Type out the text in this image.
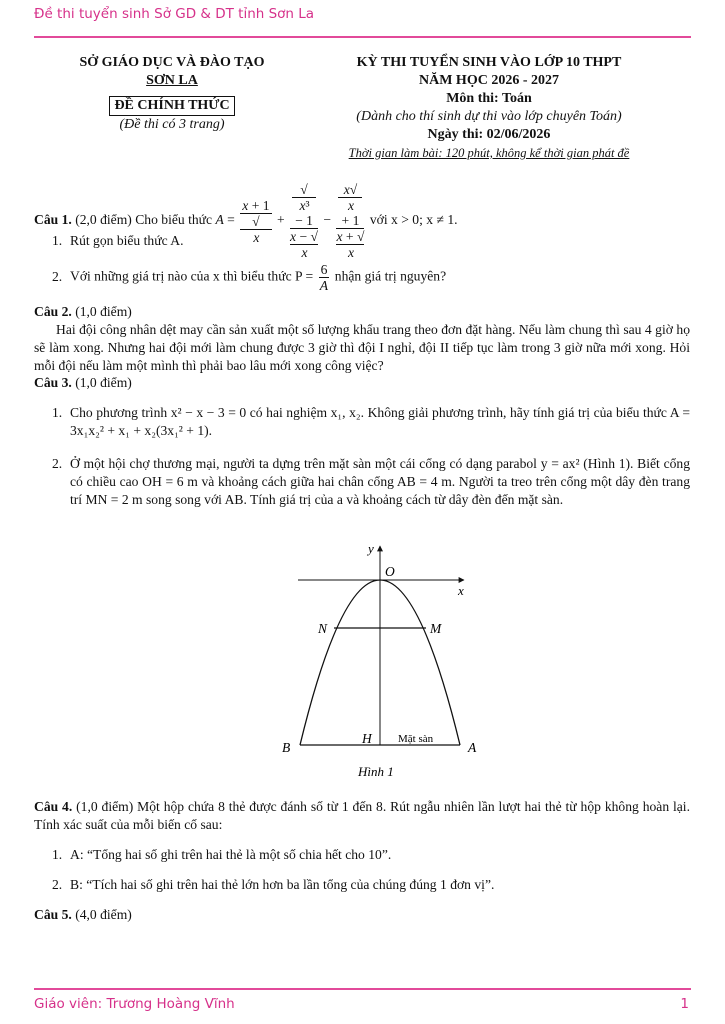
Đề thi tuyển sinh Sở GD & DT tỉnh Sơn La
SỞ GIÁO DỤC VÀ ĐÀO TẠO
SƠN LA
ĐỀ CHÍNH THỨC
(Đề thi có 3 trang)
KỲ THI TUYỂN SINH VÀO LỚP 10 THPT
NĂM HỌC 2026 - 2027
Môn thi: Toán
(Dành cho thí sinh dự thi vào lớp chuyên Toán)
Ngày thi: 02/06/2026
Thời gian làm bài: 120 phút, không kể thời gian phát đề
Câu 1. (2,0 điểm) Cho biểu thức A = x + 1
√
x + √
x³
− 1
x − √
x − x√
x
+ 1
x + √
x với x > 0; x ≠ 1.
1. Rút gọn biểu thức A.
2. Với những giá trị nào của x thì biểu thức $P = \frac{6}{A}$ nhận giá trị nguyên?
Câu 2. (1,0 điểm)
Hai đội công nhân dệt may cần sản xuất một số lượng khẩu trang theo đơn đặt hàng. Nếu làm chung thì sau 4 giờ họ sẽ làm xong. Nhưng hai đội mới làm chung được 3 giờ thì đội I nghỉ, đội II tiếp tục làm trong 3 giờ nữa mới xong. Hỏi mỗi đội nếu làm một mình thì phải bao lâu mới xong công việc?
Câu 3. (1,0 điểm)
1. Cho phương trình x² − x − 3 = 0 có hai nghiệm x₁, x₂. Không giải phương trình, hãy tính giá trị của biểu thức A = 3x₁x₂² + x₁ + x₂(3x₁² + 1).
2. Ở một hội chợ thương mại, người ta dựng trên mặt sàn một cái cổng có dạng parabol y = ax² (Hình 1). Biết cổng có chiều cao OH = 6 m và khoảng cách giữa hai chân cổng AB = 4 m. Người ta treo trên cổng một dây đèn trang trí MN = 2 m song song với AB. Tính giá trị của a và khoảng cách từ dây đèn đến mặt sàn.
y
x
O
N	M
H Mặt sàn
B	A
Hình 1
Câu 4. (1,0 điểm) Một hộp chứa 8 thẻ được đánh số từ 1 đến 8. Rút ngẫu nhiên lần lượt hai thẻ từ hộp không hoàn lại. Tính xác suất của mỗi biến cố sau:
1. A: “Tổng hai số ghi trên hai thẻ là một số chia hết cho 10”.
2. B: “Tích hai số ghi trên hai thẻ lớn hơn ba lần tổng của chúng đúng 1 đơn vị”.
Câu 5. (4,0 điểm)
Giáo viên: Trương Hoàng Vĩnh	1
